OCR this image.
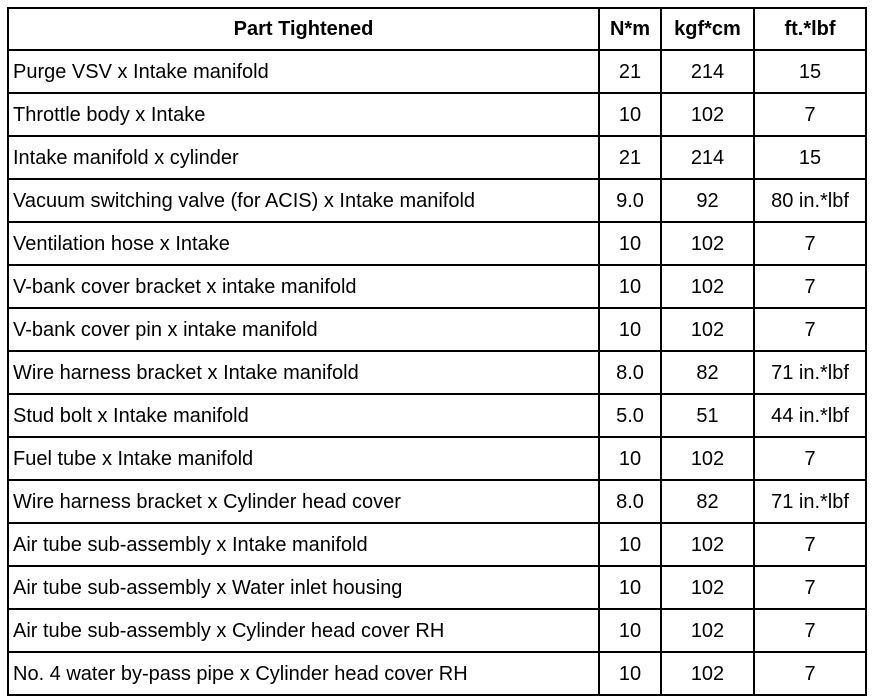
Part Tightened	N*m	kgf*cm	ft.*lbf
Purge VSV x Intake manifold	21	214	15
Throttle body x Intake	10	102	7
Intake manifold x cylinder	21	214	15
Vacuum switching valve (for ACIS) x Intake manifold	9.0	92	80 in.*lbf
Ventilation hose x Intake	10	102	7
V-bank cover bracket x intake manifold	10	102	7
V-bank cover pin x intake manifold	10	102	7
Wire harness bracket x Intake manifold	8.0	82	71 in.*lbf
Stud bolt x Intake manifold	5.0	51	44 in.*lbf
Fuel tube x Intake manifold	10	102	7
Wire harness bracket x Cylinder head cover	8.0	82	71 in.*lbf
Air tube sub-assembly x Intake manifold	10	102	7
Air tube sub-assembly x Water inlet housing	10	102	7
Air tube sub-assembly x Cylinder head cover RH	10	102	7
No. 4 water by-pass pipe x Cylinder head cover RH	10	102	7
